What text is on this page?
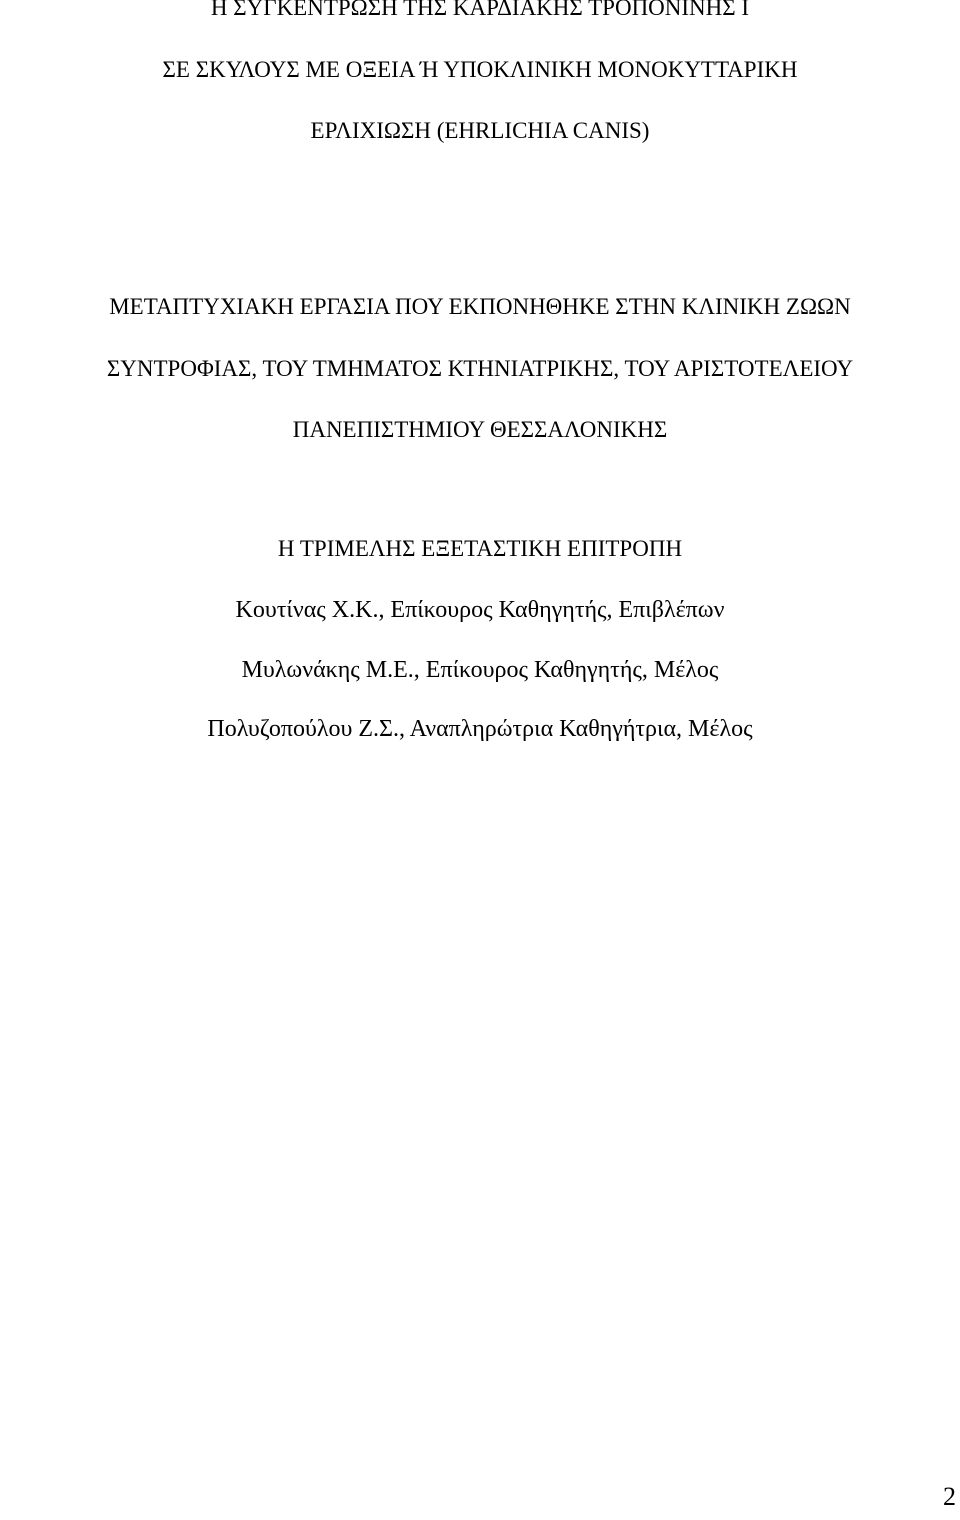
Η ΣΥΓΚΕΝΤΡΩΣΗ ΤΗΣ ΚΑΡΔΙΑΚΗΣ ΤΡΟΠΟΝΙΝΗΣ Ι
ΣΕ ΣΚΥΛΟΥΣ ΜΕ ΟΞΕΙΑ Ή ΥΠΟΚΛΙΝΙΚΗ ΜΟΝΟΚΥΤΤΑΡΙΚΗ
ΕΡΛΙΧΙΩΣΗ (EHRLICHIA CANIS)
ΜΕΤΑΠΤΥΧΙΑΚΗ ΕΡΓΑΣΙΑ ΠΟΥ ΕΚΠΟΝΗΘΗΚΕ ΣΤΗΝ ΚΛΙΝΙΚΗ ΖΩΩΝ
ΣΥΝΤΡΟΦΙΑΣ, ΤΟΥ ΤΜΗΜΑΤΟΣ ΚΤΗΝΙΑΤΡΙΚΗΣ, ΤΟΥ ΑΡΙΣΤΟΤΕΛΕΙΟΥ
ΠΑΝΕΠΙΣΤΗΜΙΟΥ ΘΕΣΣΑΛΟΝΙΚΗΣ
Η ΤΡΙΜΕΛΗΣ ΕΞΕΤΑΣΤΙΚΗ ΕΠΙΤΡΟΠΗ
Κουτίνας Χ.Κ., Επίκουρος Καθηγητής, Επιβλέπων
Μυλωνάκης Μ.Ε., Επίκουρος Καθηγητής, Μέλος
Πολυζοπούλου Ζ.Σ., Αναπληρώτρια Καθηγήτρια, Μέλος
2
